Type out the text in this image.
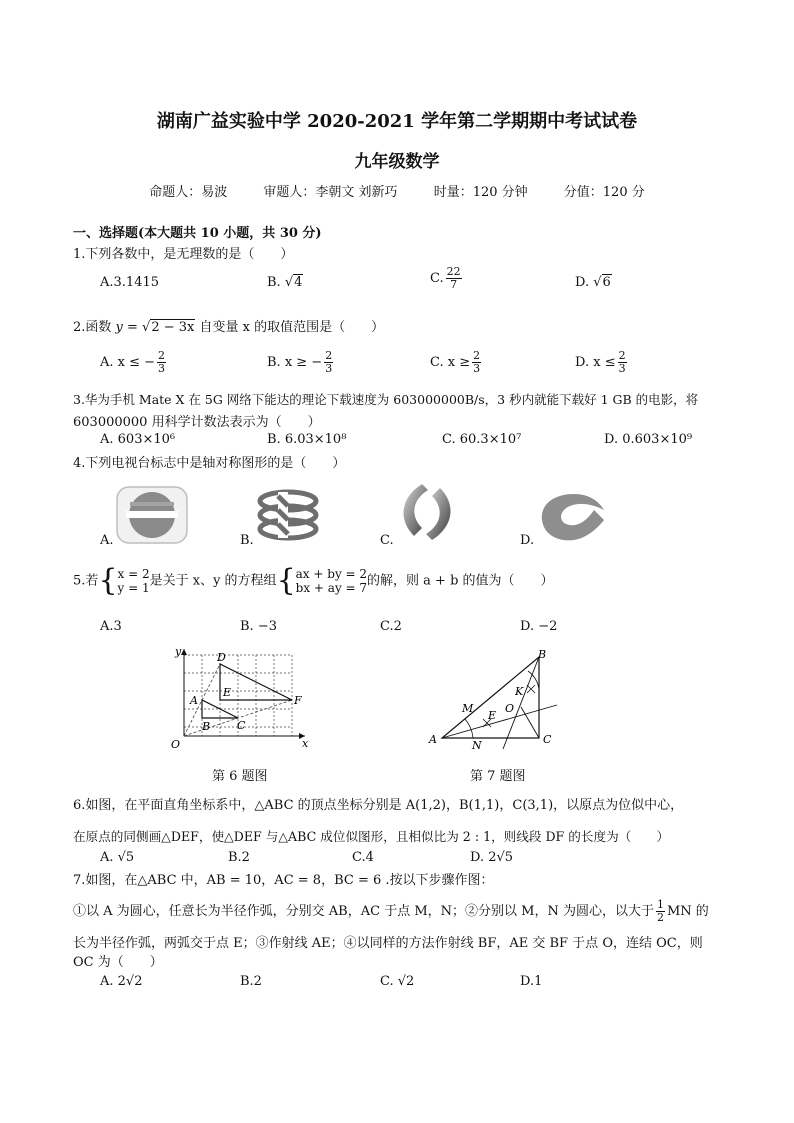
湖南广益实验中学 2020-2021 学年第二学期期中考试试卷
九年级数学
命题人：易波	审题人：李朝文 刘新巧	时量：120 分钟	分值：120 分
一、选择题(本大题共 10 小题，共 30 分)
1.下列各数中，是无理数的是（　　）
A.3.1415	B. √4	C. $\frac{22}{7}$	D. √6
2.函数 y = √2 − 3x 自变量 x 的取值范围是（　　）
A. x ≤ − $\frac{2}{3}$	B. x ≥ − $\frac{2}{3}$	C. $x \ge \frac{2}{3}$	D. $x \le \frac{2}{3}$
3.华为手机 Mate X 在 5G 网络下能达的理论下载速度为 603000000B/s，3 秒内就能下载好 1 GB 的电影，将
603000000 用科学计数法表示为（　　）
A. 603×10⁶	B. 6.03×10⁸	C. 60.3×10⁷	D. 0.603×10⁹
4.下列电视台标志中是轴对称图形的是（　　）
A.	B.	C.	D.
5.若{ x = 2
y = 1 是关于 x、y 的方程组{ ax + by = 2
bx + ay = 7 的解，则 a + b 的值为（　　）
A.3	B. −3	C.2	D. −2
y
x
O
D
E
A
B C
F
第 6 题图
B
K
M
E
O
A	N	C
第 7 题图
6.如图，在平面直角坐标系中，△ABC 的顶点坐标分别是 A(1,2)，B(1,1)，C(3,1)，以原点为位似中心，
在原点的同侧画△DEF，使△DEF 与△ABC 成位似图形，且相似比为 2 : 1，则线段 DF 的长度为（　　）
A. √5	B.2	C.4	D. 2√5
7.如图，在△ABC 中，AB = 10，AC = 8，BC = 6 .按以下步骤作图：
①以 A 为圆心，任意长为半径作弧，分别交 AB，AC 于点 M，N；②分别以 M，N 为圆心，以大于 $\frac{1}{2}$ MN 的
长为半径作弧，两弧交于点 E；③作射线 AE；④以同样的方法作射线 BF，AE 交 BF 于点 O，连结 OC，则
OC 为（　　）
A. 2√2	B.2	C. √2	D.1
